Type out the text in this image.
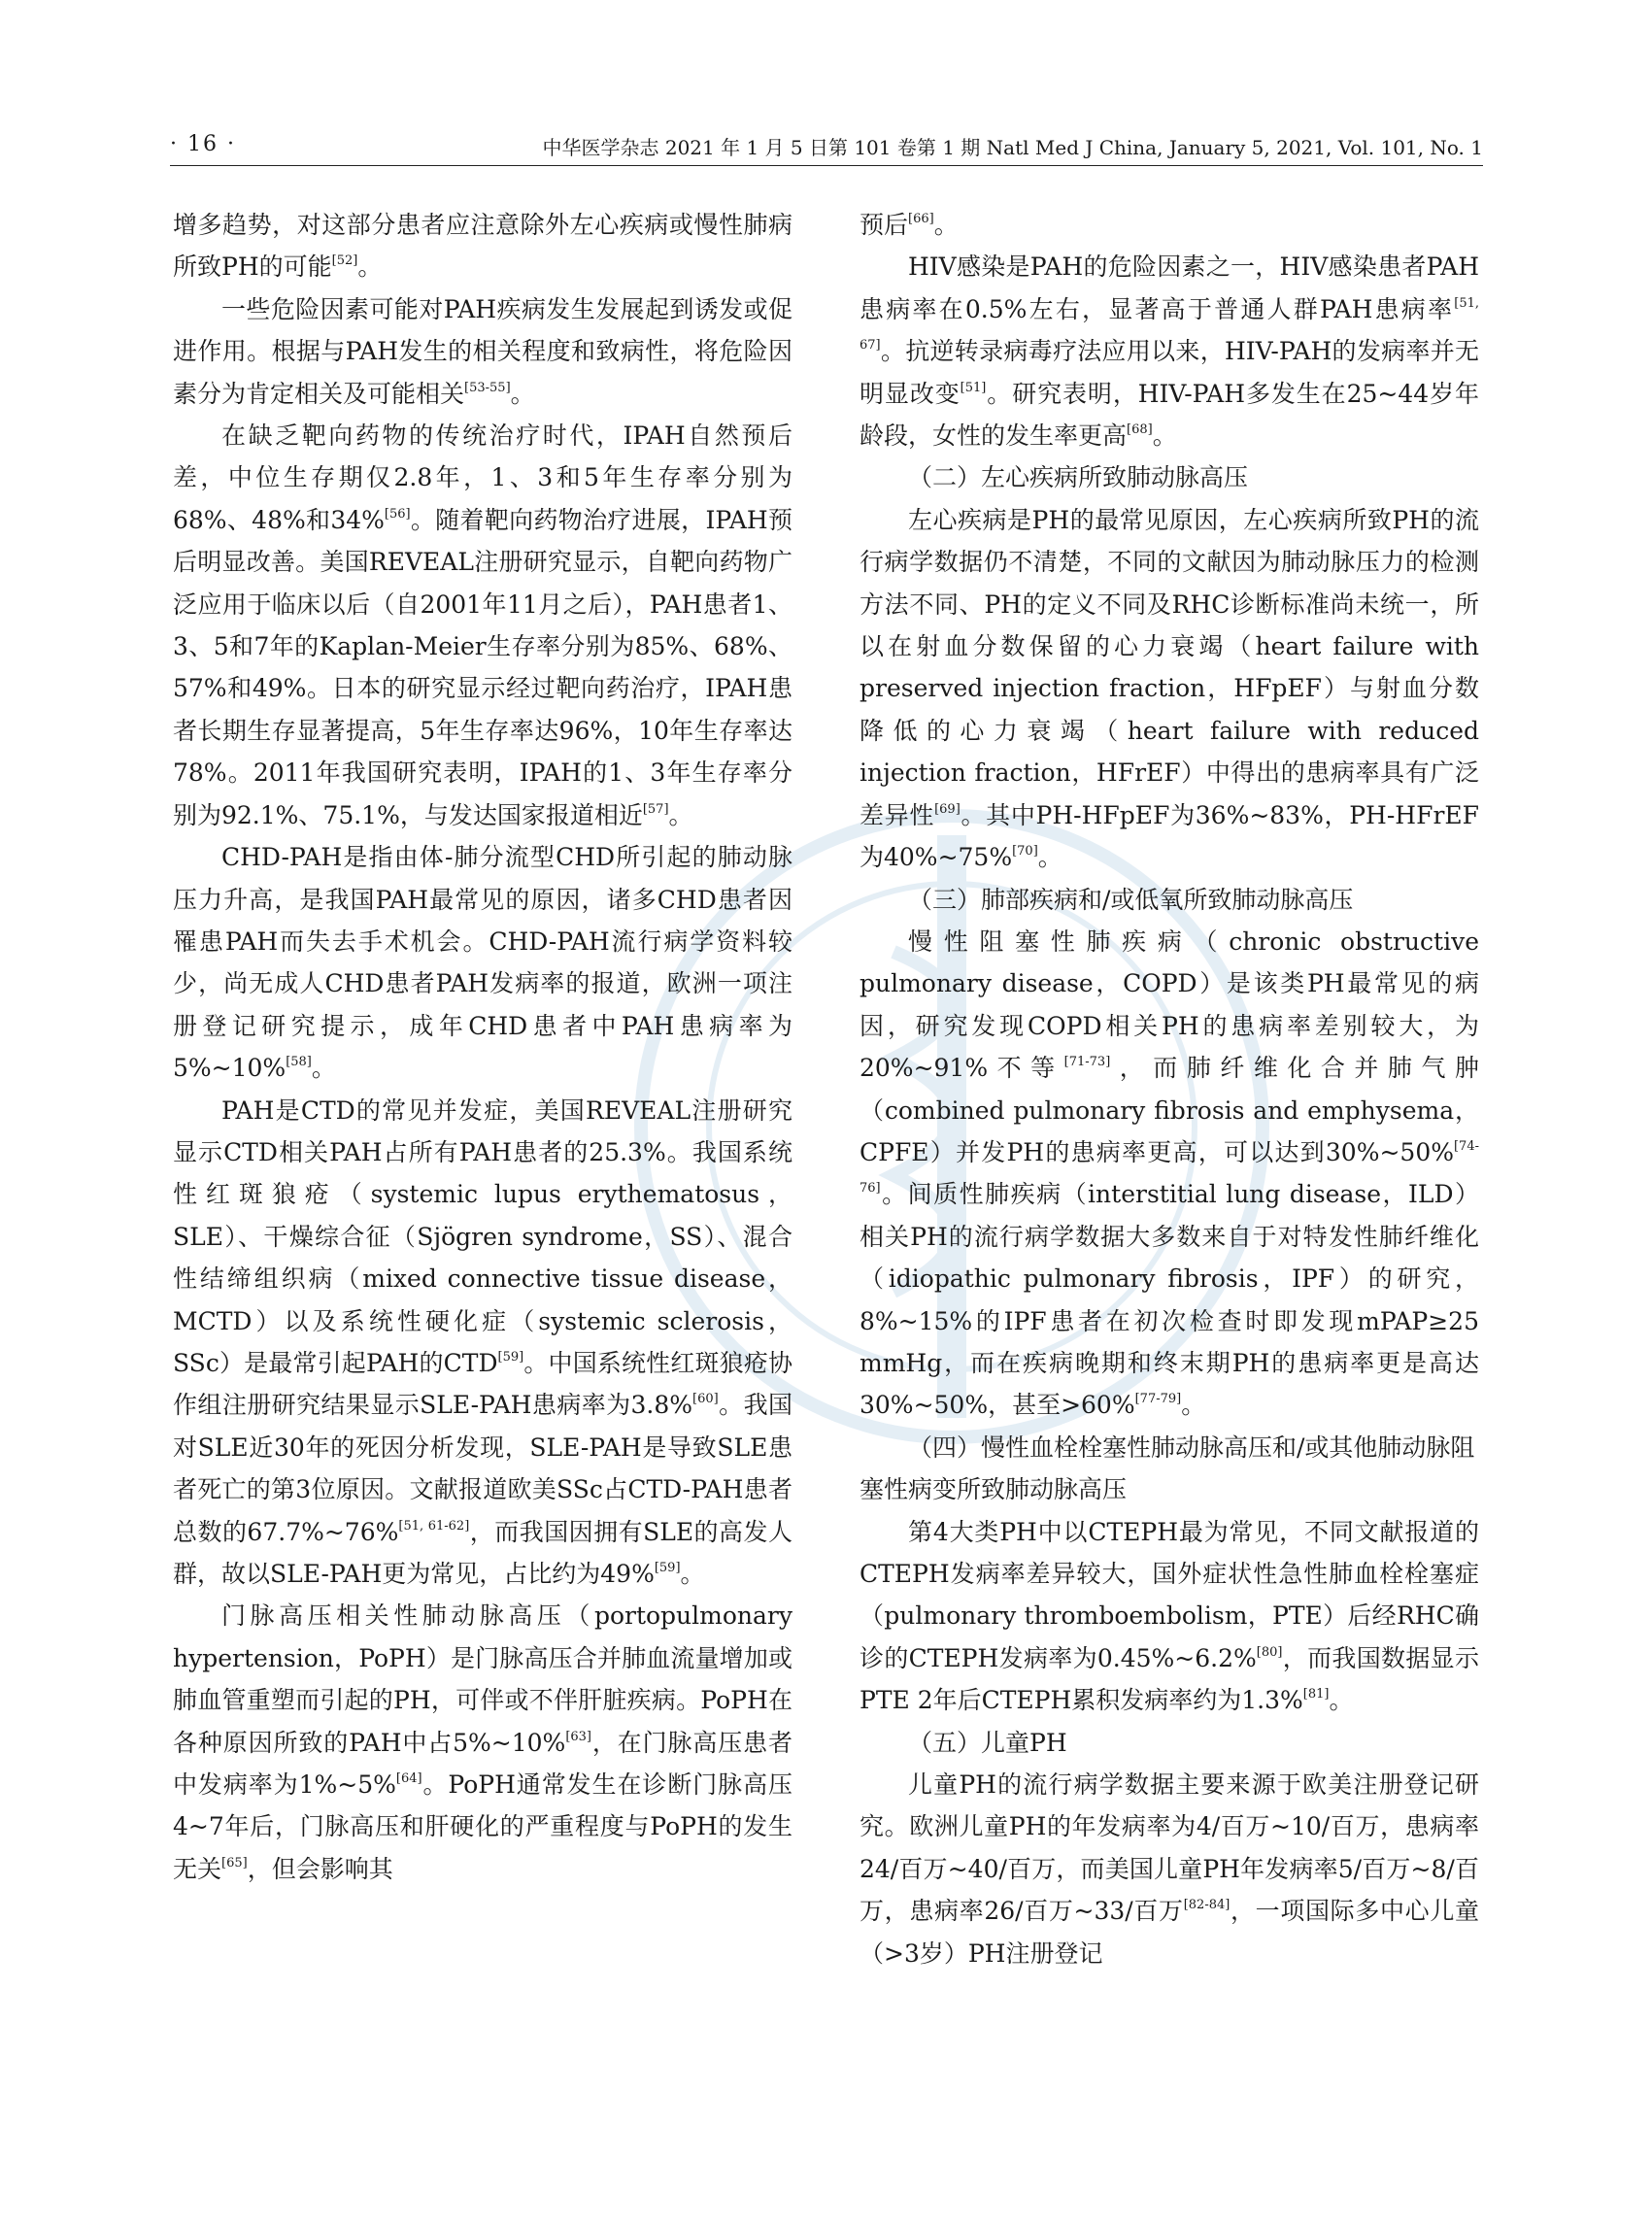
· 16 ·	中华医学杂志 2021 年 1 月 5 日第 101 卷第 1 期 Natl Med J China, January 5, 2021, Vol. 101, No. 1

增多趋势，对这部分患者应注意除外左心疾病或慢性肺病所致PH的可能[52]。

一些危险因素可能对PAH疾病发生发展起到诱发或促进作用。根据与PAH发生的相关程度和致病性，将危险因素分为肯定相关及可能相关[53-55]。

在缺乏靶向药物的传统治疗时代，IPAH自然预后差，中位生存期仅2.8年，1、3和5年生存率分别为68%、48%和34%[56]。随着靶向药物治疗进展，IPAH预后明显改善。美国REVEAL注册研究显示，自靶向药物广泛应用于临床以后（自2001年11月之后），PAH患者1、3、5和7年的Kaplan-Meier生存率分别为85%、68%、57%和49%。日本的研究显示经过靶向药治疗，IPAH患者长期生存显著提高，5年生存率达96%，10年生存率达78%。2011年我国研究表明，IPAH的1、3年生存率分别为92.1%、75.1%，与发达国家报道相近[57]。

CHD-PAH是指由体-肺分流型CHD所引起的肺动脉压力升高，是我国PAH最常见的原因，诸多CHD患者因罹患PAH而失去手术机会。CHD-PAH流行病学资料较少，尚无成人CHD患者PAH发病率的报道，欧洲一项注册登记研究提示，成年CHD患者中PAH患病率为5%~10%[58]。

PAH是CTD的常见并发症，美国REVEAL注册研究显示CTD相关PAH占所有PAH患者的25.3%。我国系统性红斑狼疮（systemic lupus erythematosus，SLE）、干燥综合征（Sjögren syndrome，SS）、混合性结缔组织病（mixed connective tissue disease，MCTD）以及系统性硬化症（systemic sclerosis，SSc）是最常引起PAH的CTD[59]。中国系统性红斑狼疮协作组注册研究结果显示SLE-PAH患病率为3.8%[60]。我国对SLE近30年的死因分析发现，SLE-PAH是导致SLE患者死亡的第3位原因。文献报道欧美SSc占CTD-PAH患者总数的67.7%~76%[51, 61-62]，而我国因拥有SLE的高发人群，故以SLE-PAH更为常见，占比约为49%[59]。

门脉高压相关性肺动脉高压（portopulmonary hypertension，PoPH）是门脉高压合并肺血流量增加或肺血管重塑而引起的PH，可伴或不伴肝脏疾病。PoPH在各种原因所致的PAH中占5%~10%[63]，在门脉高压患者中发病率为1%~5%[64]。PoPH通常发生在诊断门脉高压4~7年后，门脉高压和肝硬化的严重程度与PoPH的发生无关[65]，但会影响其

预后[66]。

HIV感染是PAH的危险因素之一，HIV感染患者PAH患病率在0.5%左右，显著高于普通人群PAH患病率[51, 67]。抗逆转录病毒疗法应用以来，HIV-PAH的发病率并无明显改变[51]。研究表明，HIV-PAH多发生在25~44岁年龄段，女性的发生率更高[68]。

（二）左心疾病所致肺动脉高压

左心疾病是PH的最常见原因，左心疾病所致PH的流行病学数据仍不清楚，不同的文献因为肺动脉压力的检测方法不同、PH的定义不同及RHC诊断标准尚未统一，所以在射血分数保留的心力衰竭（heart failure with preserved injection fraction，HFpEF）与射血分数降低的心力衰竭（heart failure with reduced injection fraction，HFrEF）中得出的患病率具有广泛差异性[69]。其中PH-HFpEF为36%~83%，PH-HFrEF为40%~75%[70]。

（三）肺部疾病和/或低氧所致肺动脉高压

慢性阻塞性肺疾病（chronic obstructive pulmonary disease，COPD）是该类PH最常见的病因，研究发现COPD相关PH的患病率差别较大，为20%~91%不等[71-73]，而肺纤维化合并肺气肿（combined pulmonary fibrosis and emphysema，CPFE）并发PH的患病率更高，可以达到30%~50%[74-76]。间质性肺疾病（interstitial lung disease，ILD）相关PH的流行病学数据大多数来自于对特发性肺纤维化（idiopathic pulmonary fibrosis，IPF）的研究，8%~15%的IPF患者在初次检查时即发现mPAP≥25 mmHg，而在疾病晚期和终末期PH的患病率更是高达30%~50%，甚至>60%[77-79]。

（四）慢性血栓栓塞性肺动脉高压和/或其他肺动脉阻塞性病变所致肺动脉高压

第4大类PH中以CTEPH最为常见，不同文献报道的CTEPH发病率差异较大，国外症状性急性肺血栓栓塞症（pulmonary thromboembolism，PTE）后经RHC确诊的CTEPH发病率为0.45%~6.2%[80]，而我国数据显示PTE 2年后CTEPH累积发病率约为1.3%[81]。

（五）儿童PH

儿童PH的流行病学数据主要来源于欧美注册登记研究。欧洲儿童PH的年发病率为4/百万~10/百万，患病率24/百万~40/百万，而美国儿童PH年发病率5/百万~8/百万，患病率26/百万~33/百万[82-84]，一项国际多中心儿童（>3岁）PH注册登记
